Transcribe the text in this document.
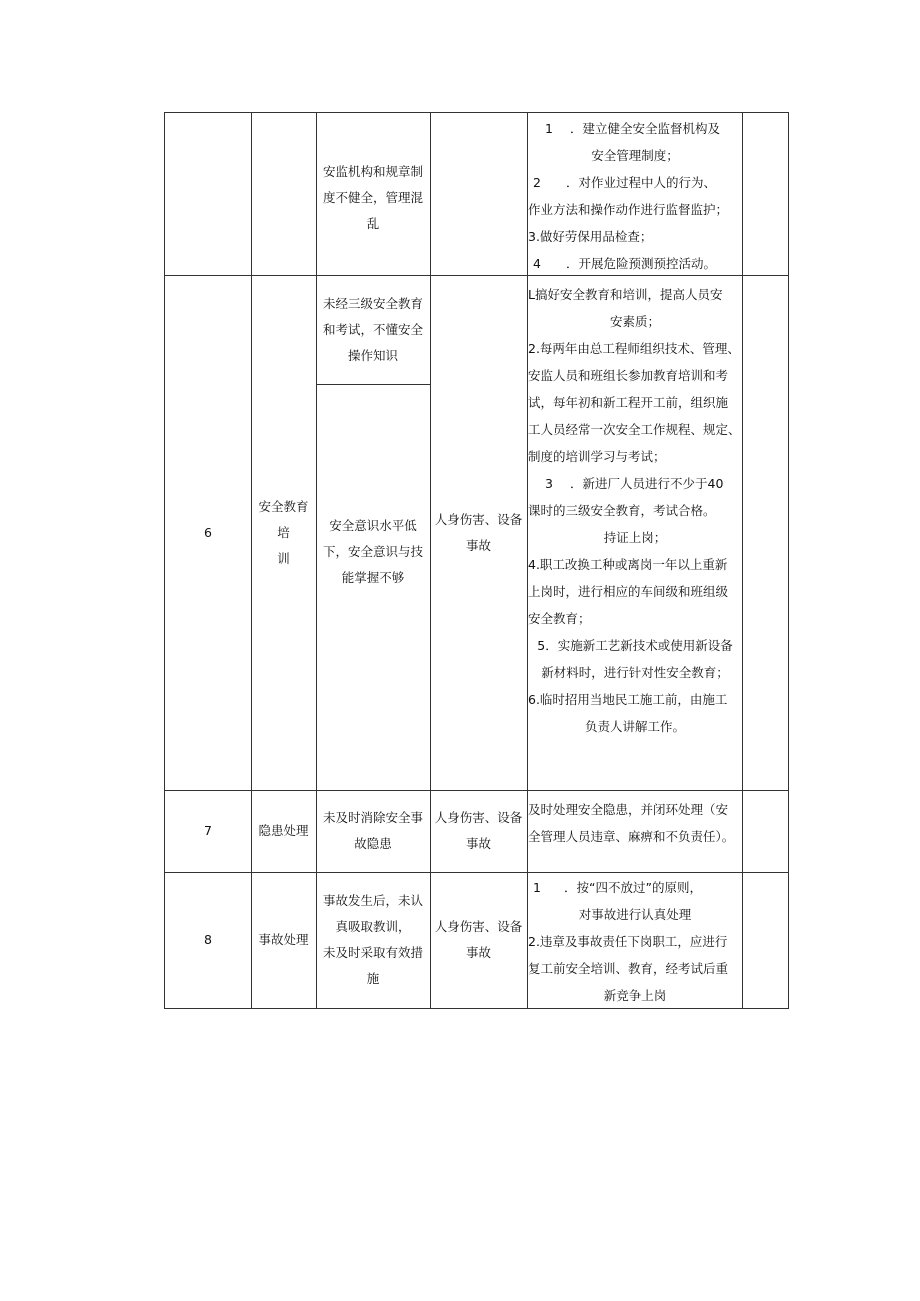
安监机构和规章制

度不健全，管理混

乱

1 ．建立健全安全监督机构及

安全管理制度；

2 ．对作业过程中人的行为、

作业方法和操作动作进行监督监护；

3.做好劳保用品检查；

4 ．开展危险预测预控活动。

6

安全教育

培

训

未经三级安全教育

和考试，不懂安全

操作知识

安全意识水平低

下，安全意识与技

能掌握不够

人身伤害、设备

事故

L搞好安全教育和培训，提高人员安

安素质；

2.每两年由总工程师组织技术、管理、

安监人员和班组长参加教育培训和考

试，每年初和新工程开工前，组织施

工人员经常一次安全工作规程、规定、

制度的培训学习与考试；

3 ．新进厂人员进行不少于40

课时的三级安全教育，考试合格。

持证上岗；

4.职工改换工种或离岗一年以上重新

上岗时，进行相应的车间级和班组级

安全教育；

5．实施新工艺新技术或使用新设备

新材料时，进行针对性安全教育；

6.临时招用当地民工施工前，由施工

负责人讲解工作。

7	隐患处理

未及时消除安全事

故隐患

人身伤害、设备

事故

及时处理安全隐患，并闭环处理（安

全管理人员违章、麻痹和不负责任）。

8	事故处理

事故发生后，未认

真吸取教训，

未及时采取有效措

施

人身伤害、设备

事故

1 ．按“四不放过”的原则，

对事故进行认真处理

2.违章及事故责任下岗职工，应进行

复工前安全培训、教育，经考试后重

新竞争上岗
